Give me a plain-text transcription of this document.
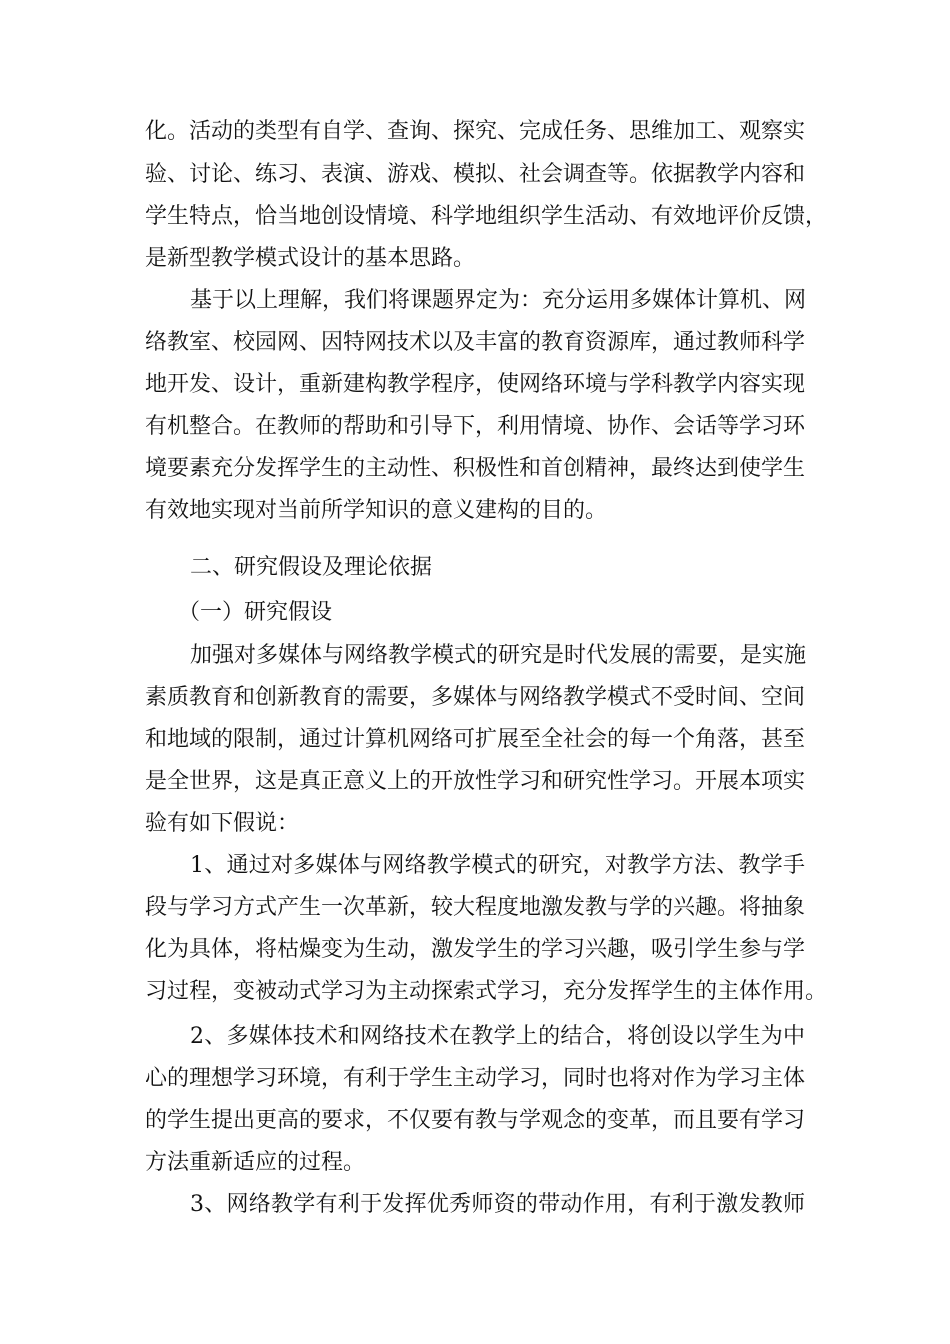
化。活动的类型有自学、查询、探究、完成任务、思维加工、观察实
验、讨论、练习、表演、游戏、模拟、社会调查等。依据教学内容和
学生特点，恰当地创设情境、科学地组织学生活动、有效地评价反馈，
是新型教学模式设计的基本思路。
基于以上理解，我们将课题界定为：充分运用多媒体计算机、网
络教室、校园网、因特网技术以及丰富的教育资源库，通过教师科学
地开发、设计，重新建构教学程序，使网络环境与学科教学内容实现
有机整合。在教师的帮助和引导下，利用情境、协作、会话等学习环
境要素充分发挥学生的主动性、积极性和首创精神，最终达到使学生
有效地实现对当前所学知识的意义建构的目的。
二、研究假设及理论依据
（一）研究假设
加强对多媒体与网络教学模式的研究是时代发展的需要，是实施
素质教育和创新教育的需要，多媒体与网络教学模式不受时间、空间
和地域的限制，通过计算机网络可扩展至全社会的每一个角落，甚至
是全世界，这是真正意义上的开放性学习和研究性学习。开展本项实
验有如下假说：
1、通过对多媒体与网络教学模式的研究，对教学方法、教学手
段与学习方式产生一次革新，较大程度地激发教与学的兴趣。将抽象
化为具体，将枯燥变为生动，激发学生的学习兴趣，吸引学生参与学
习过程，变被动式学习为主动探索式学习，充分发挥学生的主体作用。
2、多媒体技术和网络技术在教学上的结合，将创设以学生为中
心的理想学习环境，有利于学生主动学习，同时也将对作为学习主体
的学生提出更高的要求，不仅要有教与学观念的变革，而且要有学习
方法重新适应的过程。
3、网络教学有利于发挥优秀师资的带动作用，有利于激发教师
